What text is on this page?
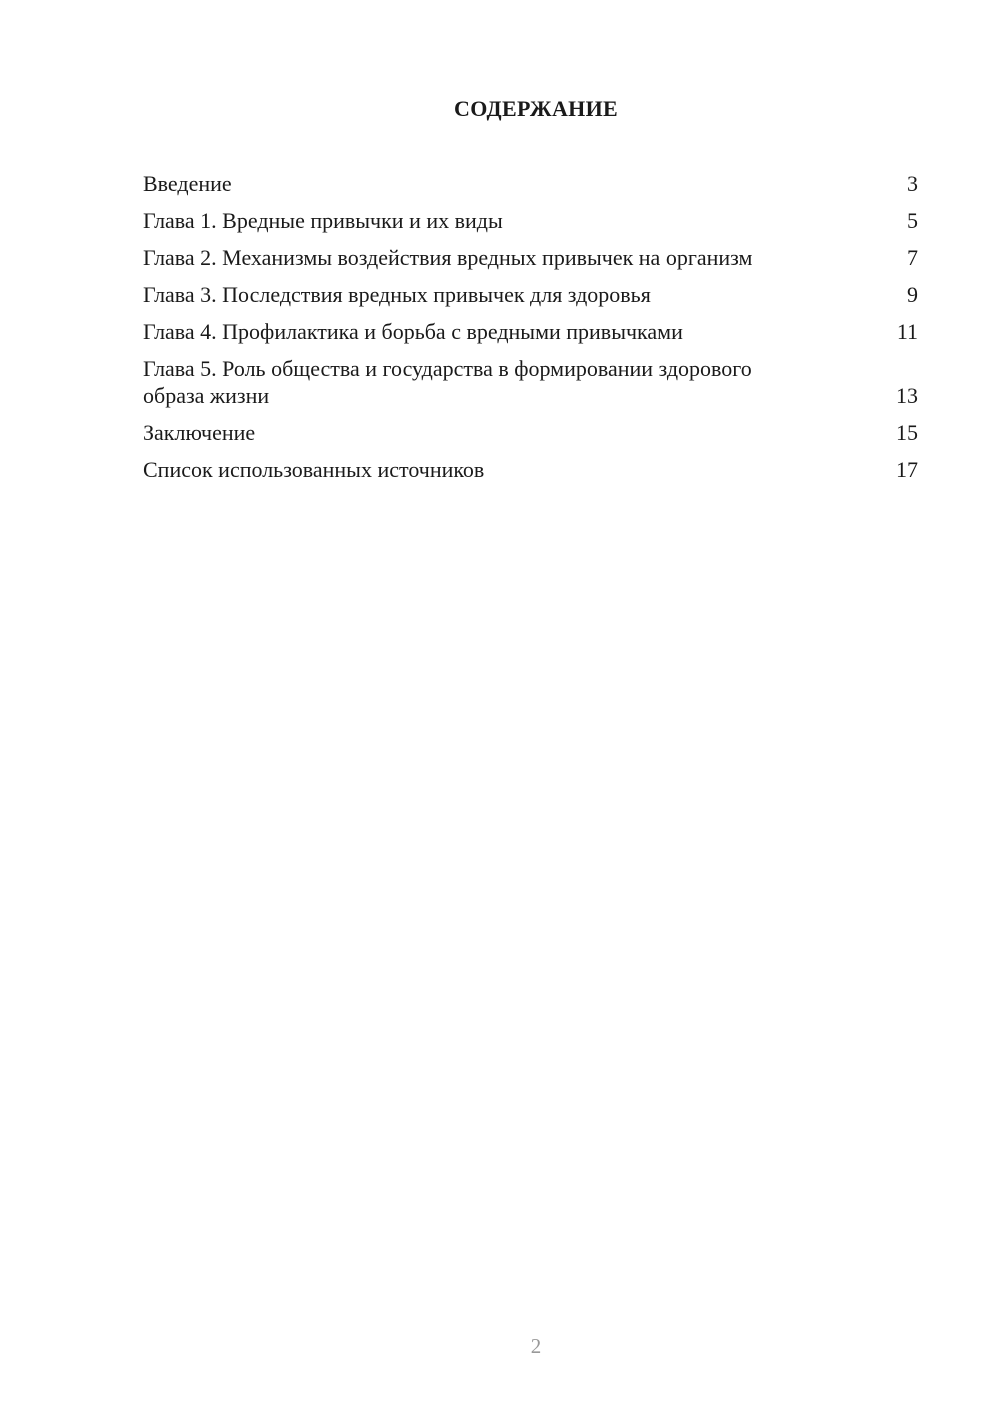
СОДЕРЖАНИЕ
Введение	3
Глава 1. Вредные привычки и их виды	5
Глава 2. Механизмы воздействия вредных привычек на организм	7
Глава 3. Последствия вредных привычек для здоровья	9
Глава 4. Профилактика и борьба с вредными привычками	11
Глава 5. Роль общества и государства в формировании здорового образа жизни	13
Заключение	15
Список использованных источников	17
2
